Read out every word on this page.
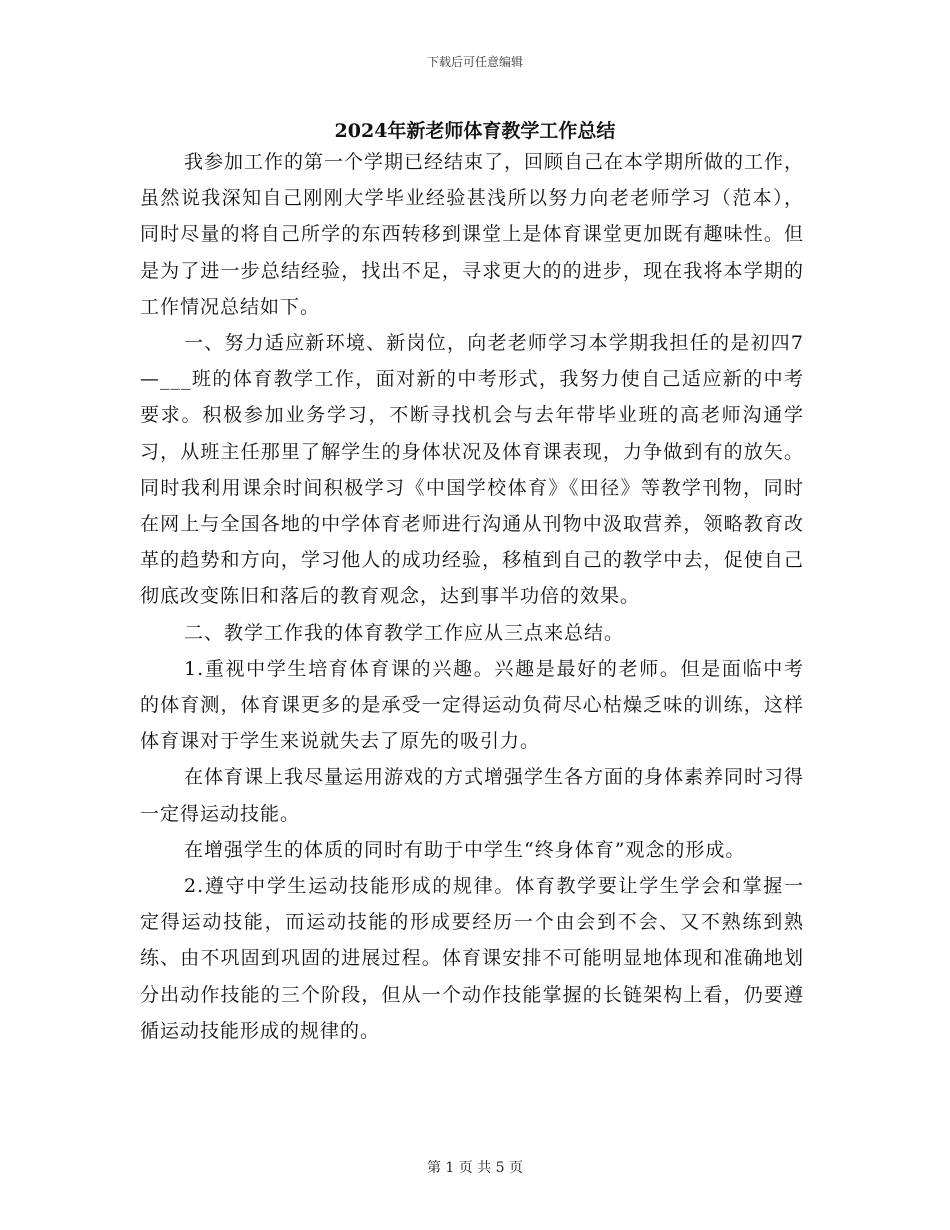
下载后可任意编辑
2024年新老师体育教学工作总结

我参加工作的第一个学期已经结束了，回顾自己在本学期所做的工作，虽然说我深知自己刚刚大学毕业经验甚浅所以努力向老老师学习（范本），同时尽量的将自己所学的东西转移到课堂上是体育课堂更加既有趣味性。但是为了进一步总结经验，找出不足，寻求更大的的进步，现在我将本学期的工作情况总结如下。

一、努力适应新环境、新岗位，向老老师学习本学期我担任的是初四7—___班的体育教学工作，面对新的中考形式，我努力使自己适应新的中考要求。积极参加业务学习，不断寻找机会与去年带毕业班的高老师沟通学习，从班主任那里了解学生的身体状况及体育课表现，力争做到有的放矢。同时我利用课余时间积极学习《中国学校体育》《田径》等教学刊物，同时在网上与全国各地的中学体育老师进行沟通从刊物中汲取营养，领略教育改革的趋势和方向，学习他人的成功经验，移植到自己的教学中去，促使自己彻底改变陈旧和落后的教育观念，达到事半功倍的效果。

二、教学工作我的体育教学工作应从三点来总结。

1.重视中学生培育体育课的兴趣。兴趣是最好的老师。但是面临中考的体育测，体育课更多的是承受一定得运动负荷尽心枯燥乏味的训练，这样体育课对于学生来说就失去了原先的吸引力。

在体育课上我尽量运用游戏的方式增强学生各方面的身体素养同时习得一定得运动技能。

在增强学生的体质的同时有助于中学生“终身体育”观念的形成。

2.遵守中学生运动技能形成的规律。体育教学要让学生学会和掌握一定得运动技能，而运动技能的形成要经历一个由会到不会、又不熟练到熟练、由不巩固到巩固的进展过程。体育课安排不可能明显地体现和准确地划分出动作技能的三个阶段，但从一个动作技能掌握的长链架构上看，仍要遵循运动技能形成的规律的。

第 1 页 共 5 页
